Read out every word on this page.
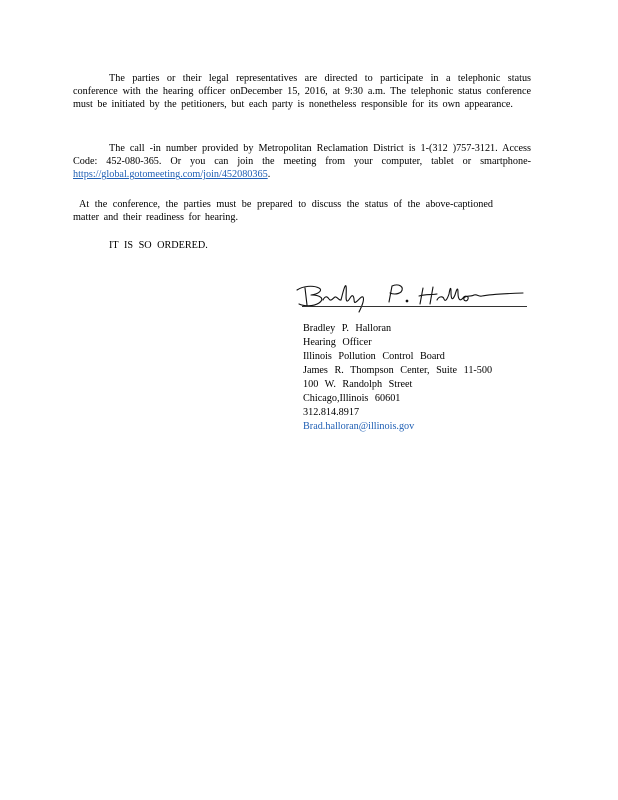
The parties or their legal representatives are directed to participate in a telephonic status conference with the hearing officer onDecember 15, 2016, at 9:30 a.m. The telephonic status conference must be initiated by the petitioners, but each party is nonetheless responsible for its own appearance.
The call -in number provided by Metropolitan Reclamation District is 1-(312 )757-3121. Access Code: 452-080-365. Or you can join the meeting from your computer, tablet or smartphone- https://global.gotomeeting.com/join/452080365.
At the conference, the parties must be prepared to discuss the status of the above-captioned matter and their readiness for hearing.
IT IS SO ORDERED.
Bradley P. Halloran
Hearing Officer
Illinois Pollution Control Board
James R. Thompson Center, Suite 11-500
100 W. Randolph Street
Chicago,Illinois 60601
312.814.8917
Brad.halloran@illinois.gov
